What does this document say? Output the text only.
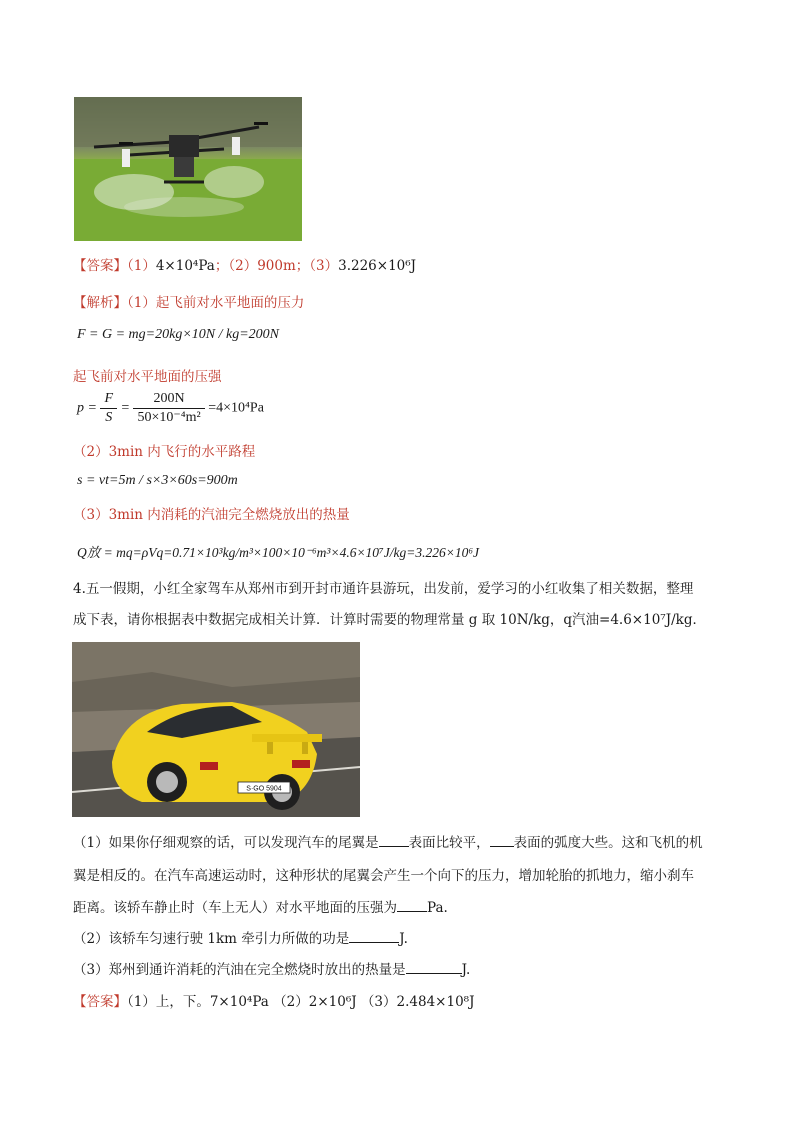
【答案】（1）4×10⁴Pa；（2）900m；（3）3.226×10⁶J
【解析】（1）起飞前对水平地面的压力
F = G = mg=20kg×10N / kg=200N
起飞前对水平地面的压强
$p = \frac{F}{S} = \frac{200N}{\text{50×10⁻⁴m²}} =4\times 10^4Pa$
（2）3min 内飞行的水平路程
s = vt=5m / s×3×60s=900m
（3）3min 内消耗的汽油完全燃烧放出的热量
Q放 = mq=ρVq=0.71×10³kg/m³×100×10⁻⁶m³×4.6×10⁷J/kg=3.226×10⁶J
4.五一假期，小红全家驾车从郑州市到开封市通许县游玩，出发前，爱学习的小红收集了相关数据，整理
成下表，请你根据表中数据完成相关计算．计算时需要的物理常量 g 取 10N/kg，q汽油=4.6×10⁷J/kg．
S·GO 5904
（1）如果你仔细观察的话，可以发现汽车的尾翼是 表面比较平， 表面的弧度大些。这和飞机的机
翼是相反的。在汽车高速运动时，这种形状的尾翼会产生一个向下的压力，增加轮胎的抓地力，缩小刹车
距离。该轿车静止时（车上无人）对水平地面的压强为 Pa.
（2）该轿车匀速行驶 1km 牵引力所做的功是	J.
（3）郑州到通许消耗的汽油在完全燃烧时放出的热量是	J.
【答案】（1）上，下。7×10⁴Pa （2）2×10⁶J （3）2.484×10⁸J
